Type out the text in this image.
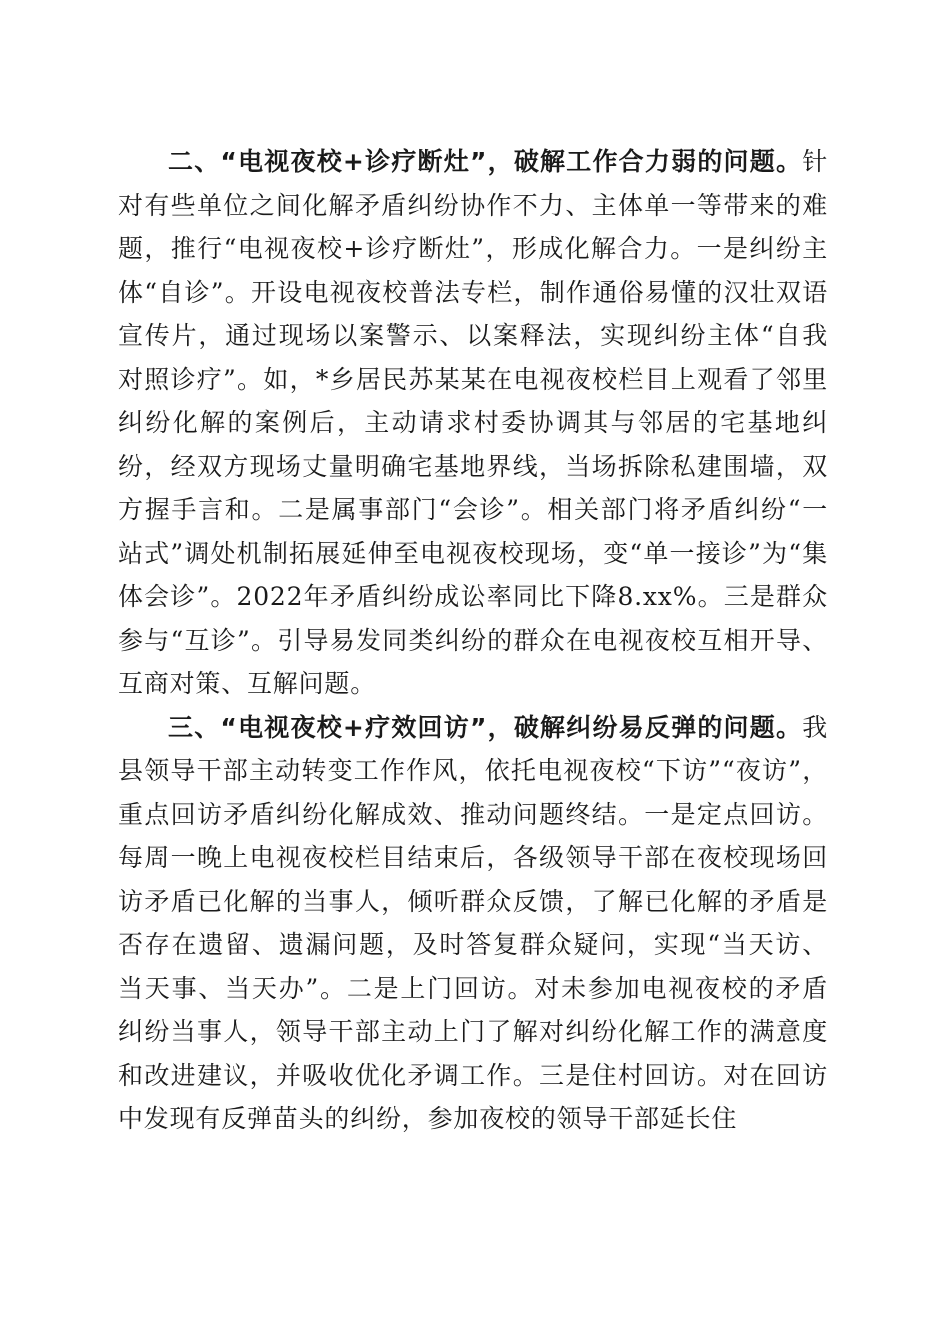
二、“电视夜校+诊疗断灶”，破解工作合力弱的问题。针对有些单位之间化解矛盾纠纷协作不力、主体单一等带来的难题，推行“电视夜校+诊疗断灶”，形成化解合力。一是纠纷主体“自诊”。开设电视夜校普法专栏，制作通俗易懂的汉壮双语宣传片，通过现场以案警示、以案释法，实现纠纷主体“自我对照诊疗”。如，*乡居民苏某某在电视夜校栏目上观看了邻里纠纷化解的案例后，主动请求村委协调其与邻居的宅基地纠纷，经双方现场丈量明确宅基地界线，当场拆除私建围墙，双方握手言和。二是属事部门“会诊”。相关部门将矛盾纠纷“一站式”调处机制拓展延伸至电视夜校现场，变“单一接诊”为“集体会诊”。2022年矛盾纠纷成讼率同比下降8.xx%。三是群众参与“互诊”。引导易发同类纠纷的群众在电视夜校互相开导、互商对策、互解问题。

三、“电视夜校+疗效回访”，破解纠纷易反弹的问题。我县领导干部主动转变工作作风，依托电视夜校“下访”“夜访”，重点回访矛盾纠纷化解成效、推动问题终结。一是定点回访。每周一晚上电视夜校栏目结束后，各级领导干部在夜校现场回访矛盾已化解的当事人，倾听群众反馈，了解已化解的矛盾是否存在遗留、遗漏问题，及时答复群众疑问，实现“当天访、当天事、当天办”。二是上门回访。对未参加电视夜校的矛盾纠纷当事人，领导干部主动上门了解对纠纷化解工作的满意度和改进建议，并吸收优化矛调工作。三是住村回访。对在回访中发现有反弹苗头的纠纷，参加夜校的领导干部延长住
